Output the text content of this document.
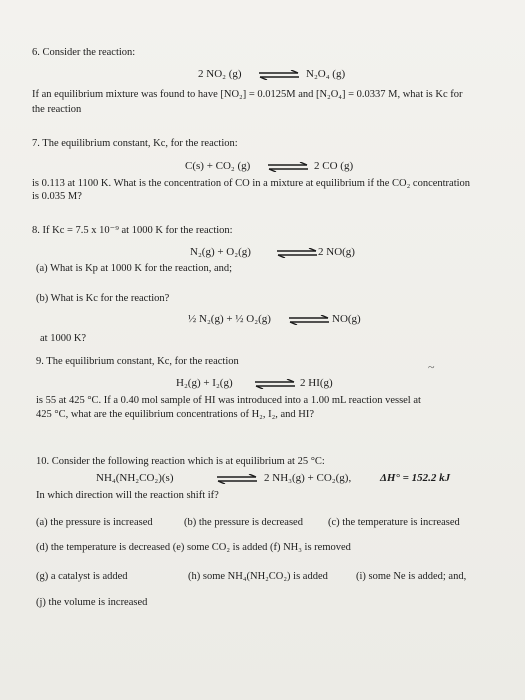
6. Consider the reaction:
2 NO₂ (g) ⇌ N₂O₄ (g)
If an equilibrium mixture was found to have [NO₂] = 0.0125M and [N₂O₄] = 0.0337 M, what is Kc for
the reaction
7. The equilibrium constant, Kc, for the reaction:
C(s) + CO₂ (g) ⇌ 2 CO (g)
is 0.113 at 1100 K. What is the concentration of CO in a mixture at equilibrium if the CO₂ concentration
is 0.035 M?
8. If Kc = 7.5 x 10⁻⁹ at 1000 K for the reaction:
N₂(g) + O₂(g) ⇌ 2 NO(g)
(a) What is Kp at 1000 K for the reaction, and;
(b) What is Kc for the reaction?
½ N₂(g) + ½ O₂(g) ⇌ NO(g)
at 1000 K?
9. The equilibrium constant, Kc, for the reaction	~
H₂(g) + I₂(g) ⇌ 2 HI(g)
is 55 at 425 °C. If a 0.40 mol sample of HI was introduced into a 1.00 mL reaction vessel at
425 °C, what are the equilibrium concentrations of H₂, I₂, and HI?
10. Consider the following reaction which is at equilibrium at 25 °C:
NH₄(NH₂CO₂)(s)	⇌ 2 NH₃(g) + CO₂(g),	ΔH° = 152.2 kJ
In which direction will the reaction shift if?
(a) the pressure is increased	(b) the pressure is decreased (c) the temperature is increased
(d) the temperature is decreased (e) some CO₂ is added (f) NH₃ is removed
(g) a catalyst is added	(h) some NH₄(NH₂CO₂) is added	(i) some Ne is added; and,
(j) the volume is increased
